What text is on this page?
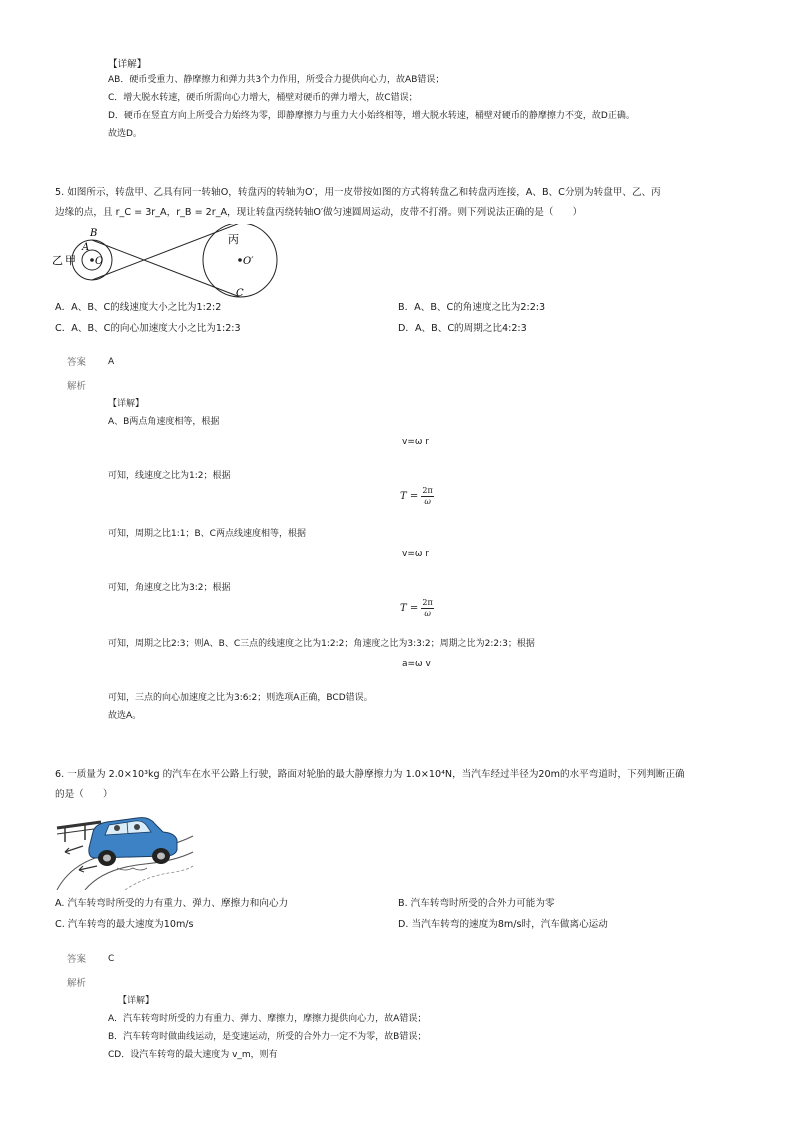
【详解】
AB．硬币受重力、静摩擦力和弹力共3个力作用，所受合力提供向心力，故AB错误；
C．增大脱水转速，硬币所需向心力增大，桶壁对硬币的弹力增大，故C错误；
D．硬币在竖直方向上所受合力始终为零，即静摩擦力与重力大小始终相等，增大脱水转速，桶壁对硬币的静摩擦力不变，故D正确。
故选D。
5. 如图所示，转盘甲、乙具有同一转轴O，转盘丙的转轴为O′，用一皮带按如图的方式将转盘乙和转盘丙连接，A、B、C分别为转盘甲、乙、丙
边缘的点，且 r_C = 3r_A，r_B = 2r_A，现让转盘丙绕转轴O′做匀速圆周运动，皮带不打滑。则下列说法正确的是（　　）
乙 甲
A
B
O
丙
O′
C
A．A、B、C的线速度大小之比为1:2:2	B．A、B、C的角速度之比为2:2:3
C．A、B、C的向心加速度大小之比为1:2:3	D．A、B、C的周期之比4:2:3
答案 A
解析
【详解】
A、B两点角速度相等，根据
v=ω r
可知，线速度之比为1:2；根据
$T = \frac{2\pi}{\omega}$
可知，周期之比1:1；B、C两点线速度相等，根据
v=ω r
可知，角速度之比为3:2；根据
$T = \frac{2\pi}{\omega}$
可知，周期之比2:3；则A、B、C三点的线速度之比为1:2:2；角速度之比为3:3:2；周期之比为2:2:3；根据
a=ω v
可知，三点的向心加速度之比为3:6:2；则选项A正确，BCD错误。
故选A。
6. 一质量为 2.0×10³kg 的汽车在水平公路上行驶，路面对轮胎的最大静摩擦力为 1.0×10⁴N，当汽车经过半径为20m的水平弯道时，下列判断正确
的是（　　）
A. 汽车转弯时所受的力有重力、弹力、摩擦力和向心力	B. 汽车转弯时所受的合外力可能为零
C. 汽车转弯的最大速度为10m/s	D. 当汽车转弯的速度为8m/s时，汽车做离心运动
答案 C
解析
【详解】
A．汽车转弯时所受的力有重力、弹力、摩擦力，摩擦力提供向心力，故A错误；
B．汽车转弯时做曲线运动，是变速运动，所受的合外力一定不为零，故B错误；
CD．设汽车转弯的最大速度为 v_m，则有
